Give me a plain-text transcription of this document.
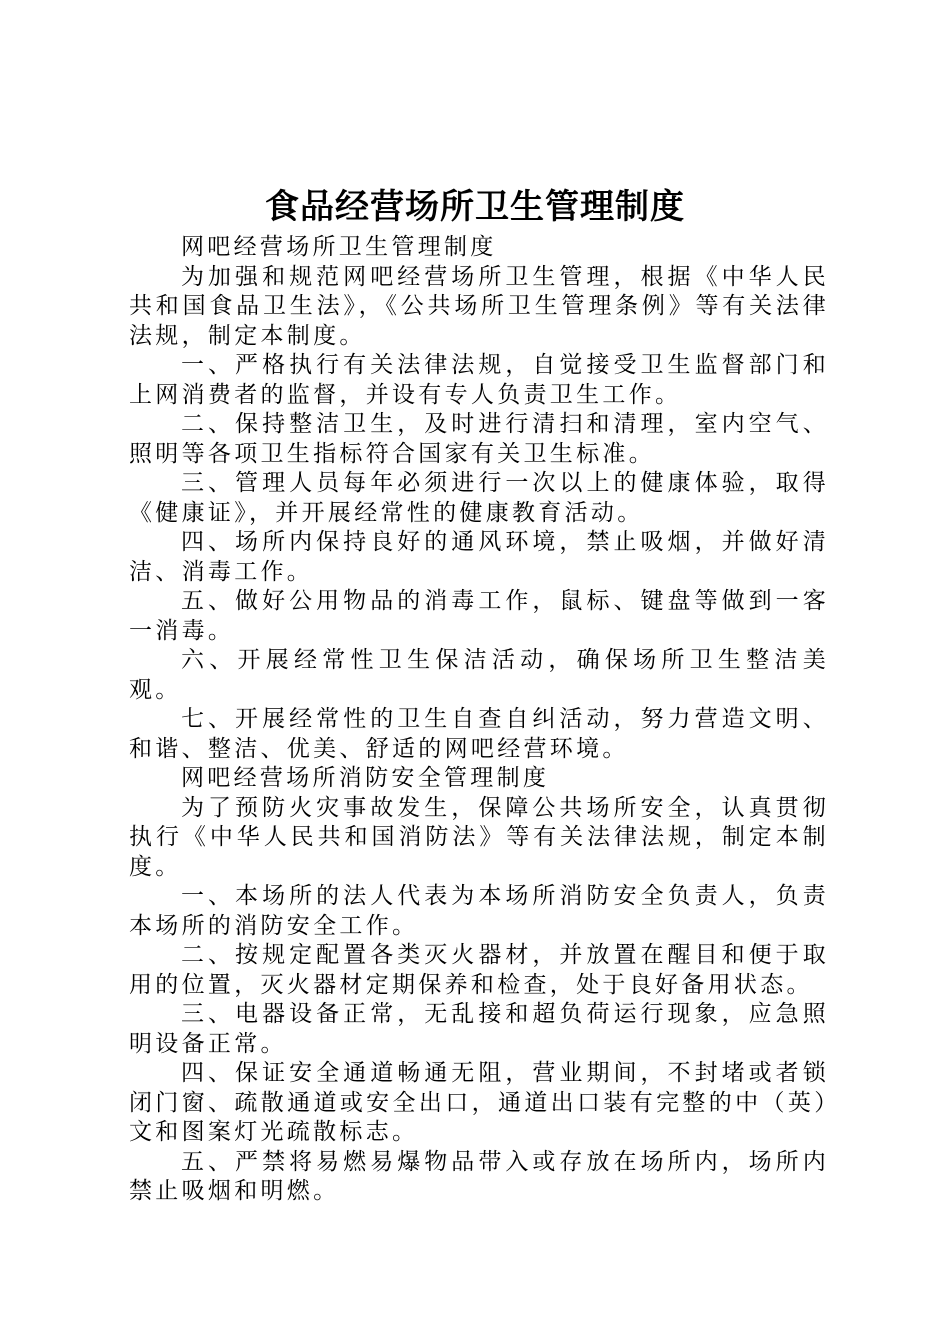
食品经营场所卫生管理制度

网吧经营场所卫生管理制度

为加强和规范网吧经营场所卫生管理，根据《中华人民共和国食品卫生法》，《公共场所卫生管理条例》等有关法律法规，制定本制度。

一、严格执行有关法律法规，自觉接受卫生监督部门和上网消费者的监督，并设有专人负责卫生工作。

二、保持整洁卫生，及时进行清扫和清理，室内空气、照明等各项卫生指标符合国家有关卫生标准。

三、管理人员每年必须进行一次以上的健康体验，取得《健康证》，并开展经常性的健康教育活动。

四、场所内保持良好的通风环境，禁止吸烟，并做好清洁、消毒工作。

五、做好公用物品的消毒工作，鼠标、键盘等做到一客一消毒。

六、开展经常性卫生保洁活动，确保场所卫生整洁美观。

七、开展经常性的卫生自查自纠活动，努力营造文明、和谐、整洁、优美、舒适的网吧经营环境。

网吧经营场所消防安全管理制度

为了预防火灾事故发生，保障公共场所安全，认真贯彻执行《中华人民共和国消防法》等有关法律法规，制定本制度。

一、本场所的法人代表为本场所消防安全负责人，负责本场所的消防安全工作。

二、按规定配置各类灭火器材，并放置在醒目和便于取用的位置，灭火器材定期保养和检查，处于良好备用状态。

三、电器设备正常，无乱接和超负荷运行现象，应急照明设备正常。

四、保证安全通道畅通无阻，营业期间，不封堵或者锁闭门窗、疏散通道或安全出口，通道出口装有完整的中（英）文和图案灯光疏散标志。

五、严禁将易燃易爆物品带入或存放在场所内，场所内禁止吸烟和明燃。
